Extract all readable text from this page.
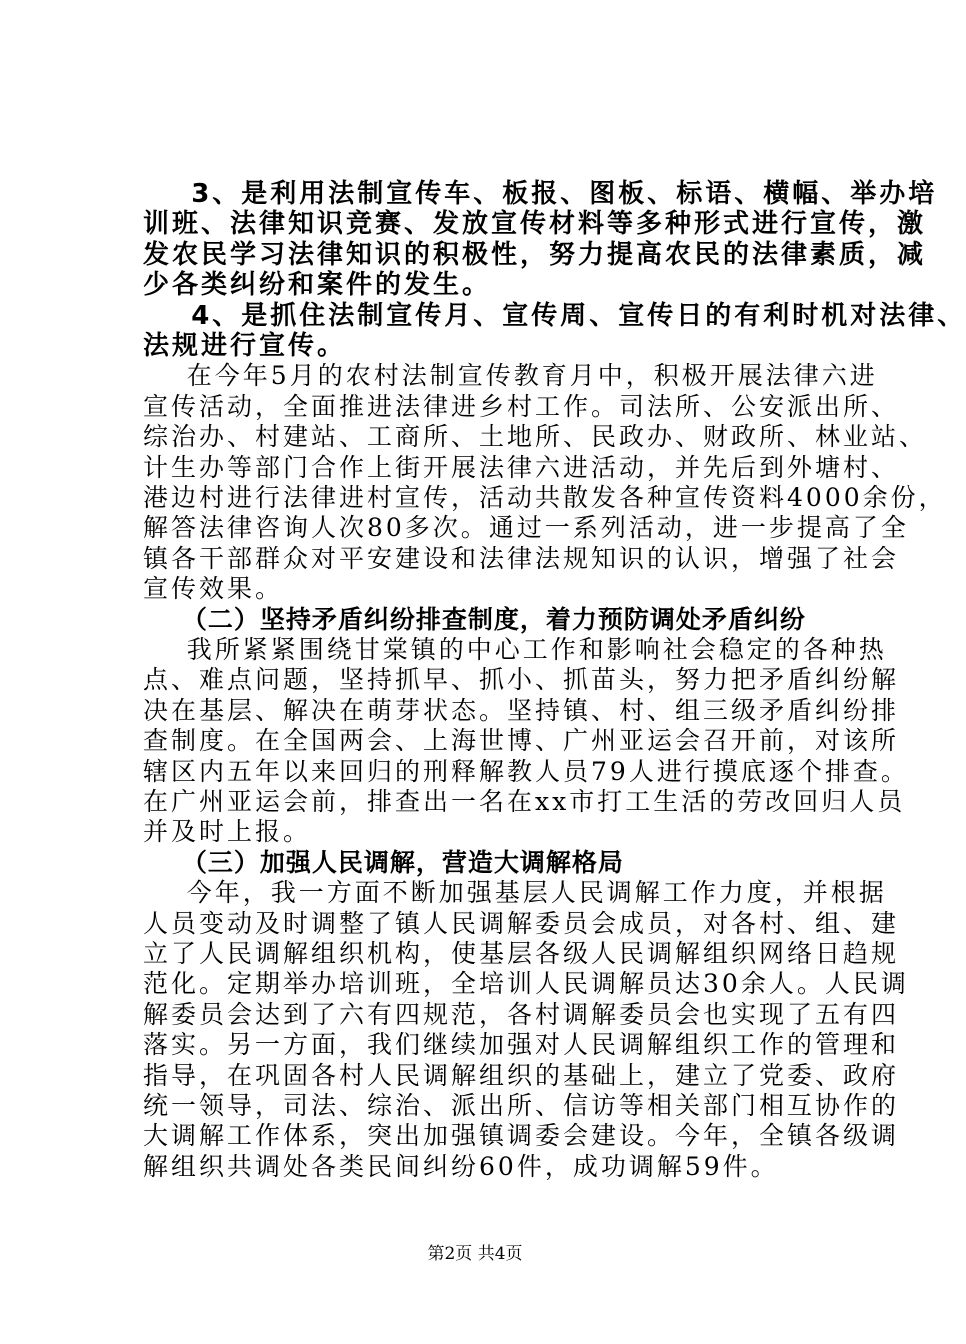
3、是利用法制宣传车、板报、图板、标语、横幅、举办培
训班、法律知识竞赛、发放宣传材料等多种形式进行宣传，激
发农民学习法律知识的积极性，努力提高农民的法律素质，减
少各类纠纷和案件的发生。
4、是抓住法制宣传月、宣传周、宣传日的有利时机对法律、
法规进行宣传。
在今年5月的农村法制宣传教育月中，积极开展法律六进
宣传活动，全面推进法律进乡村工作。司法所、公安派出所、
综治办、村建站、工商所、土地所、民政办、财政所、林业站、
计生办等部门合作上街开展法律六进活动，并先后到外塘村、
港边村进行法律进村宣传，活动共散发各种宣传资料4000余份，
解答法律咨询人次80多次。通过一系列活动，进一步提高了全
镇各干部群众对平安建设和法律法规知识的认识，增强了社会
宣传效果。
（二）坚持矛盾纠纷排查制度，着力预防调处矛盾纠纷
我所紧紧围绕甘棠镇的中心工作和影响社会稳定的各种热
点、难点问题，坚持抓早、抓小、抓苗头，努力把矛盾纠纷解
决在基层、解决在萌芽状态。坚持镇、村、组三级矛盾纠纷排
查制度。在全国两会、上海世博、广州亚运会召开前，对该所
辖区内五年以来回归的刑释解教人员79人进行摸底逐个排查。
在广州亚运会前，排查出一名在xx市打工生活的劳改回归人员
并及时上报。
（三）加强人民调解，营造大调解格局
今年，我一方面不断加强基层人民调解工作力度，并根据
人员变动及时调整了镇人民调解委员会成员，对各村、组、建
立了人民调解组织机构，使基层各级人民调解组织网络日趋规
范化。定期举办培训班，全培训人民调解员达30余人。人民调
解委员会达到了六有四规范，各村调解委员会也实现了五有四
落实。另一方面，我们继续加强对人民调解组织工作的管理和
指导，在巩固各村人民调解组织的基础上，建立了党委、政府
统一领导，司法、综治、派出所、信访等相关部门相互协作的
大调解工作体系，突出加强镇调委会建设。今年，全镇各级调
解组织共调处各类民间纠纷60件，成功调解59件。
第2页 共4页
